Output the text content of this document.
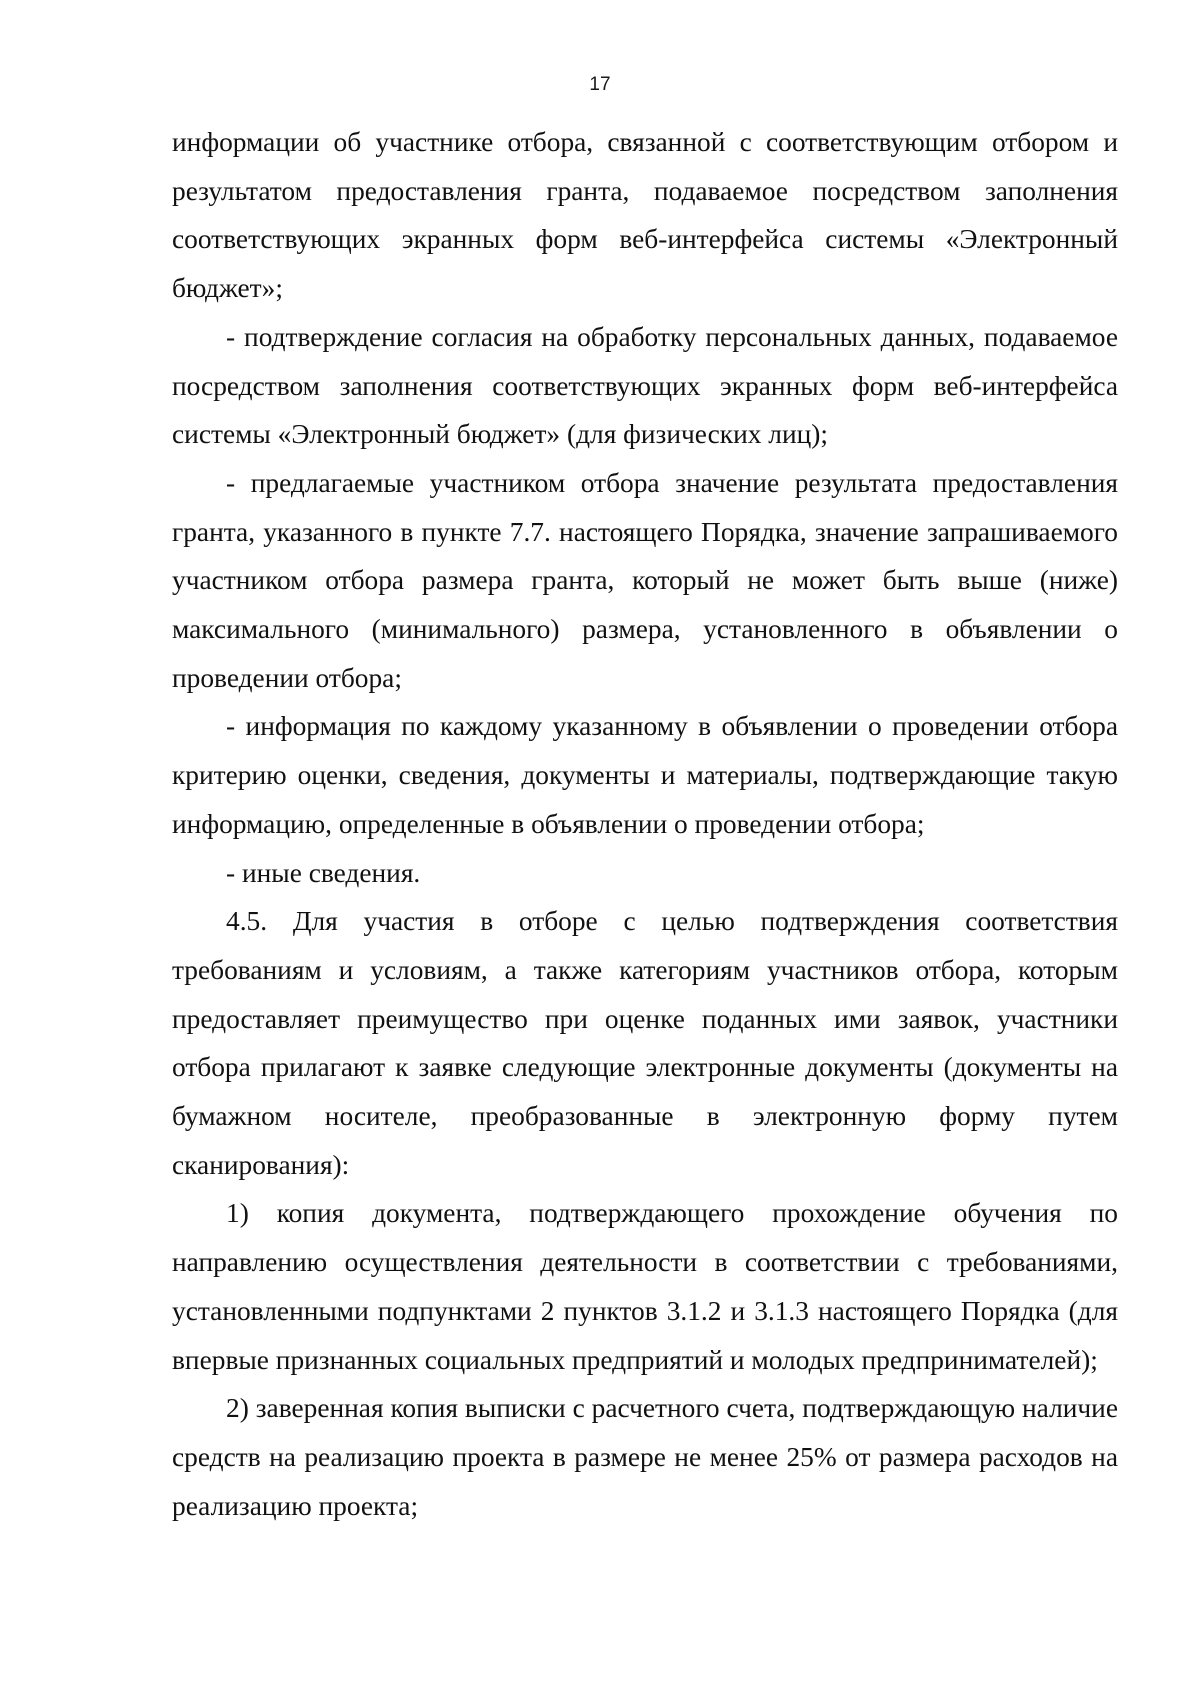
17

информации об участнике отбора, связанной с соответствующим отбором и результатом предоставления гранта, подаваемое посредством заполнения соответствующих экранных форм веб-интерфейса системы «Электронный бюджет»;

- подтверждение согласия на обработку персональных данных, подаваемое посредством заполнения соответствующих экранных форм веб-интерфейса системы «Электронный бюджет» (для физических лиц);

- предлагаемые участником отбора значение результата предоставления гранта, указанного в пункте 7.7. настоящего Порядка, значение запрашиваемого участником отбора размера гранта, который не может быть выше (ниже) максимального (минимального) размера, установленного в объявлении о проведении отбора;

- информация по каждому указанному в объявлении о проведении отбора критерию оценки, сведения, документы и материалы, подтверждающие такую информацию, определенные в объявлении о проведении отбора;

- иные сведения.

4.5. Для участия в отборе с целью подтверждения соответствия требованиям и условиям, а также категориям участников отбора, которым предоставляет преимущество при оценке поданных ими заявок, участники отбора прилагают к заявке следующие электронные документы (документы на бумажном носителе, преобразованные в электронную форму путем сканирования):

1) копия документа, подтверждающего прохождение обучения по направлению осуществления деятельности в соответствии с требованиями, установленными подпунктами 2 пунктов 3.1.2 и 3.1.3 настоящего Порядка (для впервые признанных социальных предприятий и молодых предпринимателей);

2) заверенная копия выписки с расчетного счета, подтверждающую наличие средств на реализацию проекта в размере не менее 25% от размера расходов на реализацию проекта;
